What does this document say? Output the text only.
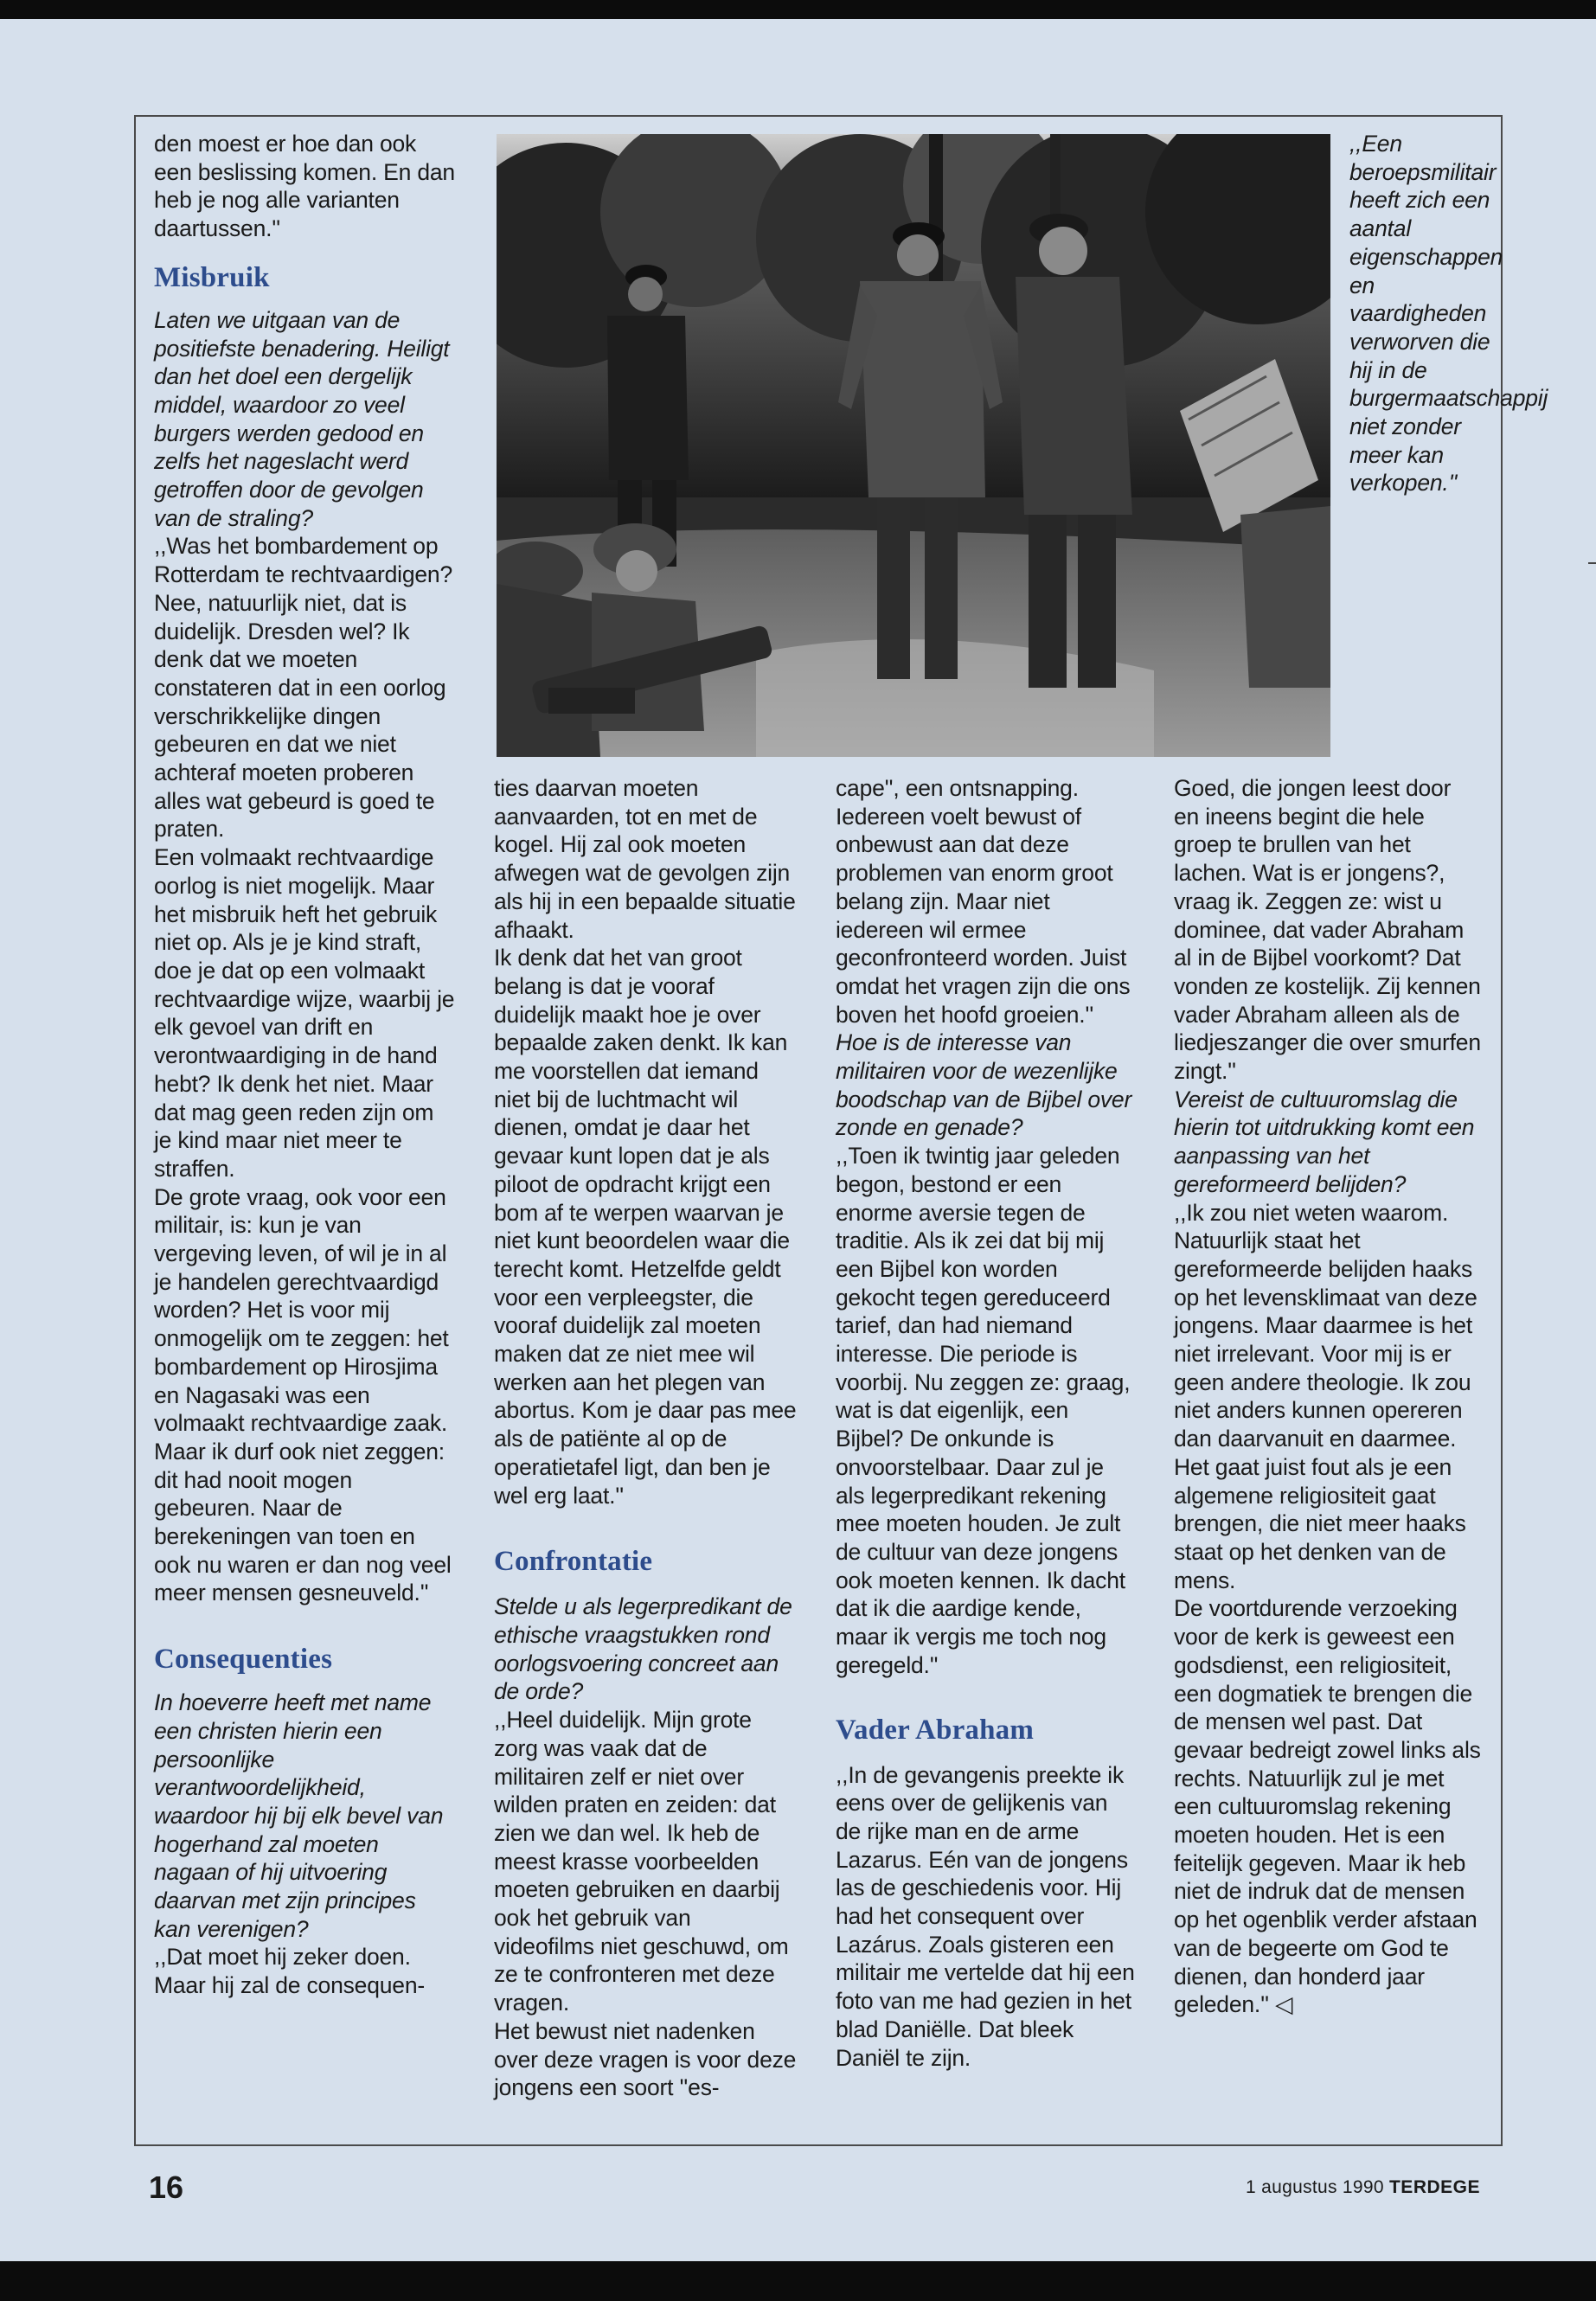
den moest er hoe dan ook een beslissing komen. En dan heb je nog alle varianten daartussen.''

Misbruik

Laten we uitgaan van de positiefste benadering. Heiligt dan het doel een dergelijk middel, waardoor zo veel burgers werden gedood en zelfs het nageslacht werd getroffen door de gevolgen van de straling?

,,Was het bombardement op Rotterdam te rechtvaardigen? Nee, natuurlijk niet, dat is duidelijk. Dresden wel? Ik denk dat we moeten constateren dat in een oorlog verschrikkelijke dingen gebeuren en dat we niet achteraf moeten proberen alles wat gebeurd is goed te praten.

Een volmaakt rechtvaardige oorlog is niet mogelijk. Maar het misbruik heft het gebruik niet op. Als je je kind straft, doe je dat op een volmaakt rechtvaardige wijze, waarbij je elk gevoel van drift en verontwaardiging in de hand hebt? Ik denk het niet. Maar dat mag geen reden zijn om je kind maar niet meer te straffen.

De grote vraag, ook voor een militair, is: kun je van vergeving leven, of wil je in al je handelen gerechtvaardigd worden? Het is voor mij onmogelijk om te zeggen: het bombardement op Hirosjima en Nagasaki was een volmaakt rechtvaardige zaak. Maar ik durf ook niet zeggen: dit had nooit mogen gebeuren. Naar de berekeningen van toen en ook nu waren er dan nog veel meer mensen gesneuveld.''

Consequenties

In hoeverre heeft met name een christen hierin een persoonlijke verantwoordelijkheid, waardoor hij bij elk bevel van hogerhand zal moeten nagaan of hij uitvoering daarvan met zijn principes kan verenigen?

,,Dat moet hij zeker doen. Maar hij zal de consequen-

,,Een beroepsmilitair heeft zich een aantal eigenschappen en vaardigheden verworven die hij in de burgermaatschappij niet zonder meer kan verkopen.''

ties daarvan moeten aanvaarden, tot en met de kogel. Hij zal ook moeten afwegen wat de gevolgen zijn als hij in een bepaalde situatie afhaakt.

Ik denk dat het van groot belang is dat je vooraf duidelijk maakt hoe je over bepaalde zaken denkt. Ik kan me voorstellen dat iemand niet bij de luchtmacht wil dienen, omdat je daar het gevaar kunt lopen dat je als piloot de opdracht krijgt een bom af te werpen waarvan je niet kunt beoordelen waar die terecht komt. Hetzelfde geldt voor een verpleegster, die vooraf duidelijk zal moeten maken dat ze niet mee wil werken aan het plegen van abortus. Kom je daar pas mee als de patiënte al op de operatietafel ligt, dan ben je wel erg laat.''

Confrontatie

Stelde u als legerpredikant de ethische vraagstukken rond oorlogsvoering concreet aan de orde?

,,Heel duidelijk. Mijn grote zorg was vaak dat de militairen zelf er niet over wilden praten en zeiden: dat zien we dan wel. Ik heb de meest krasse voorbeelden moeten gebruiken en daarbij ook het gebruik van videofilms niet geschuwd, om ze te confronteren met deze vragen.

Het bewust niet nadenken over deze vragen is voor deze jongens een soort ''es-

cape'', een ontsnapping. Iedereen voelt bewust of onbewust aan dat deze problemen van enorm groot belang zijn. Maar niet iedereen wil ermee geconfronteerd worden. Juist omdat het vragen zijn die ons boven het hoofd groeien.''

Hoe is de interesse van militairen voor de wezenlijke boodschap van de Bijbel over zonde en genade?

,,Toen ik twintig jaar geleden begon, bestond er een enorme aversie tegen de traditie. Als ik zei dat bij mij een Bijbel kon worden gekocht tegen gereduceerd tarief, dan had niemand interesse. Die periode is voorbij. Nu zeggen ze: graag, wat is dat eigenlijk, een Bijbel? De onkunde is onvoorstelbaar. Daar zul je als legerpredikant rekening mee moeten houden. Je zult de cultuur van deze jongens ook moeten kennen. Ik dacht dat ik die aardige kende, maar ik vergis me toch nog geregeld.''

Vader Abraham

,,In de gevangenis preekte ik eens over de gelijkenis van de rijke man en de arme Lazarus. Eén van de jongens las de geschiedenis voor. Hij had het consequent over Lazárus. Zoals gisteren een militair me vertelde dat hij een foto van me had gezien in het blad Daniëlle. Dat bleek Daniël te zijn.

Goed, die jongen leest door en ineens begint die hele groep te brullen van het lachen. Wat is er jongens?, vraag ik. Zeggen ze: wist u dominee, dat vader Abraham al in de Bijbel voorkomt? Dat vonden ze kostelijk. Zij kennen vader Abraham alleen als de liedjeszanger die over smurfen zingt.''

Vereist de cultuuromslag die hierin tot uitdrukking komt een aanpassing van het gereformeerd belijden?

,,Ik zou niet weten waarom. Natuurlijk staat het gereformeerde belijden haaks op het levensklimaat van deze jongens. Maar daarmee is het niet irrelevant. Voor mij is er geen andere theologie. Ik zou niet anders kunnen opereren dan daarvanuit en daarmee. Het gaat juist fout als je een algemene religiositeit gaat brengen, die niet meer haaks staat op het denken van de mens.

De voortdurende verzoeking voor de kerk is geweest een godsdienst, een religiositeit, een dogmatiek te brengen die de mensen wel past. Dat gevaar bedreigt zowel links als rechts. Natuurlijk zul je met een cultuuromslag rekening moeten houden. Het is een feitelijk gegeven. Maar ik heb niet de indruk dat de mensen op het ogenblik verder afstaan van de begeerte om God te dienen, dan honderd jaar geleden.'' ◁

16	1 augustus 1990 TERDEGE
